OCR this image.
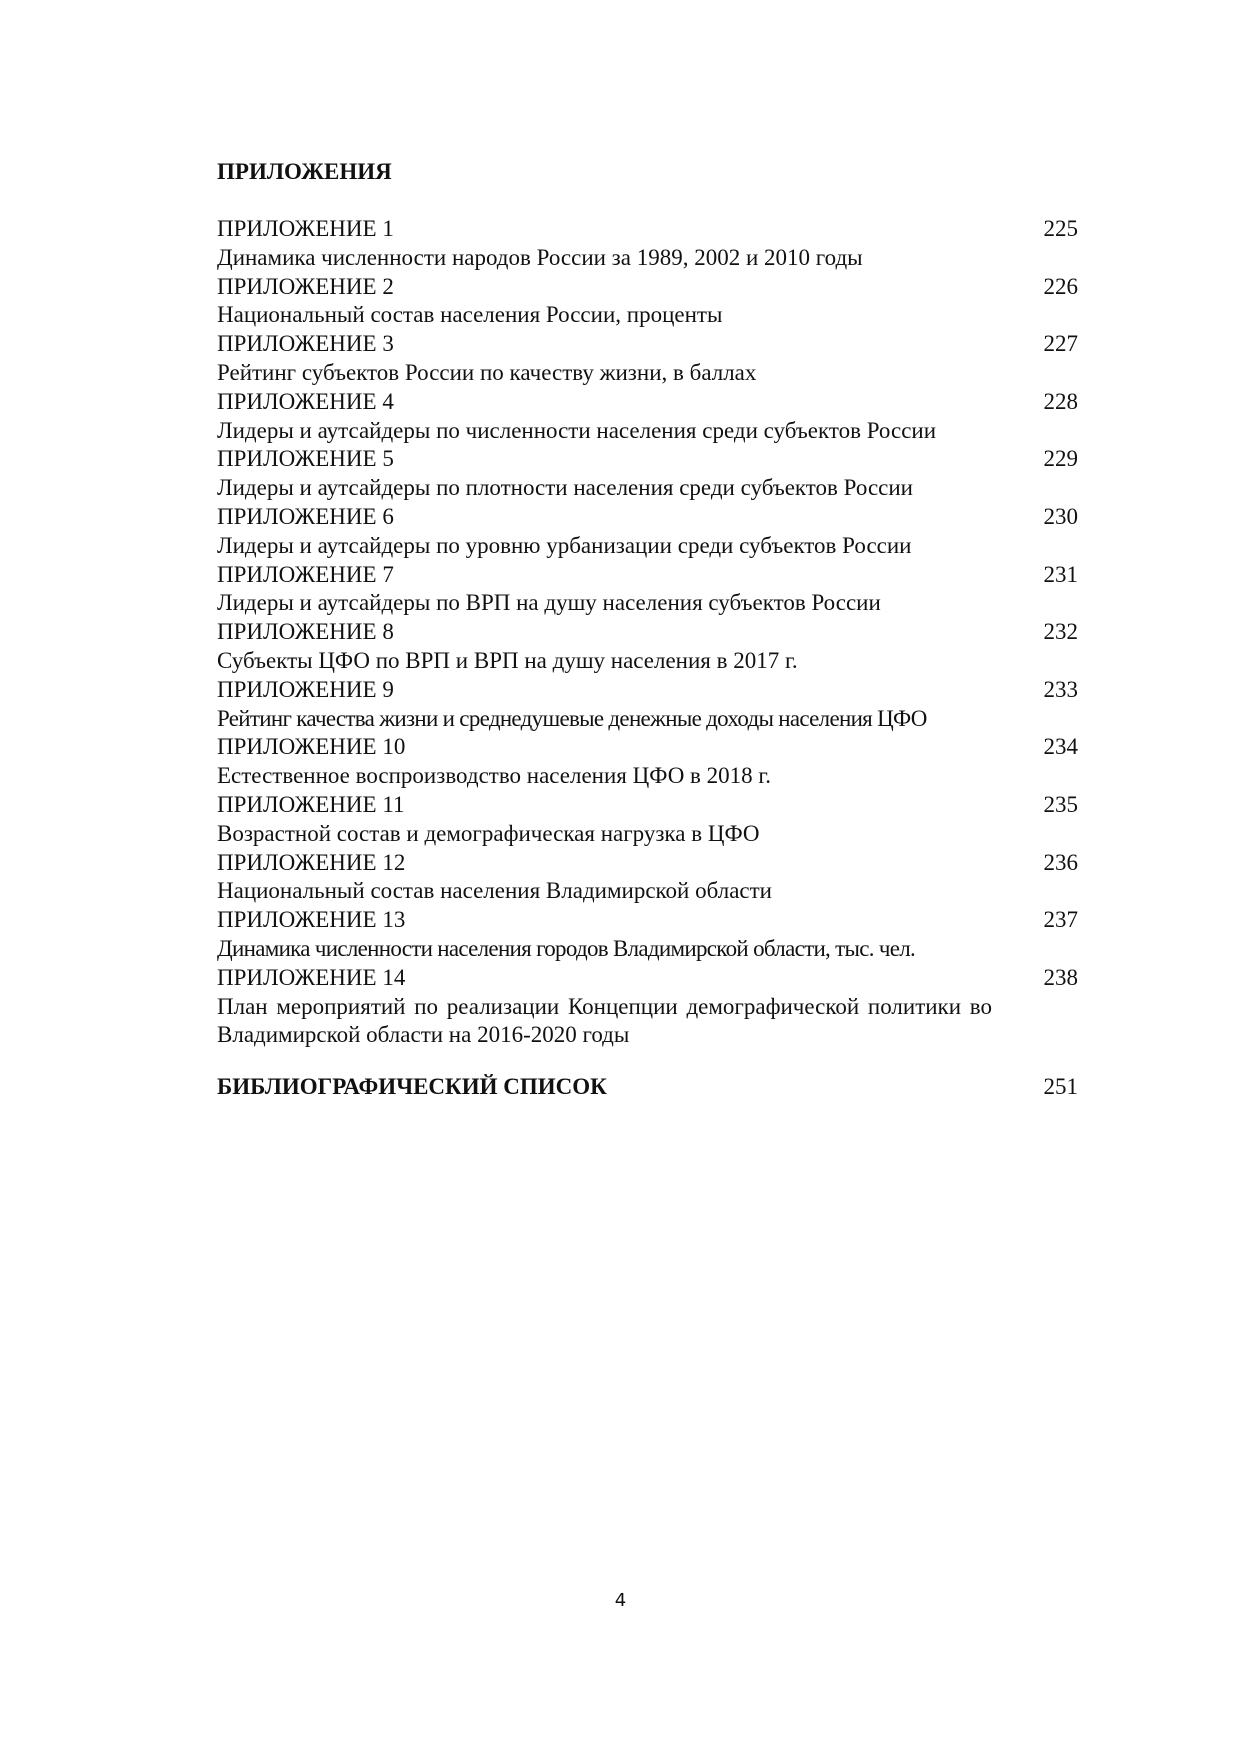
ПРИЛОЖЕНИЯ
ПРИЛОЖЕНИЕ 1	225
Динамика численности народов России за 1989, 2002 и 2010 годы
ПРИЛОЖЕНИЕ 2	226
Национальный состав населения России, проценты
ПРИЛОЖЕНИЕ 3	227
Рейтинг субъектов России по качеству жизни, в баллах
ПРИЛОЖЕНИЕ 4	228
Лидеры и аутсайдеры по численности населения среди субъектов России
ПРИЛОЖЕНИЕ 5	229
Лидеры и аутсайдеры по плотности населения среди субъектов России
ПРИЛОЖЕНИЕ 6	230
Лидеры и аутсайдеры по уровню урбанизации среди субъектов России
ПРИЛОЖЕНИЕ 7	231
Лидеры и аутсайдеры по ВРП на душу населения субъектов России
ПРИЛОЖЕНИЕ 8	232
Субъекты ЦФО по ВРП и ВРП на душу населения в 2017 г.
ПРИЛОЖЕНИЕ 9	233
Рейтинг качества жизни и среднедушевые денежные доходы населения ЦФО
ПРИЛОЖЕНИЕ 10	234
Естественное воспроизводство населения ЦФО в 2018 г.
ПРИЛОЖЕНИЕ 11	235
Возрастной состав и демографическая нагрузка в ЦФО
ПРИЛОЖЕНИЕ 12	236
Национальный состав населения Владимирской области
ПРИЛОЖЕНИЕ 13	237
Динамика численности населения городов Владимирской области, тыс. чел.
ПРИЛОЖЕНИЕ 14	238
План мероприятий по реализации Концепции демографической политики во Владимирской области на 2016-2020 годы
БИБЛИОГРАФИЧЕСКИЙ СПИСОК	251
4
